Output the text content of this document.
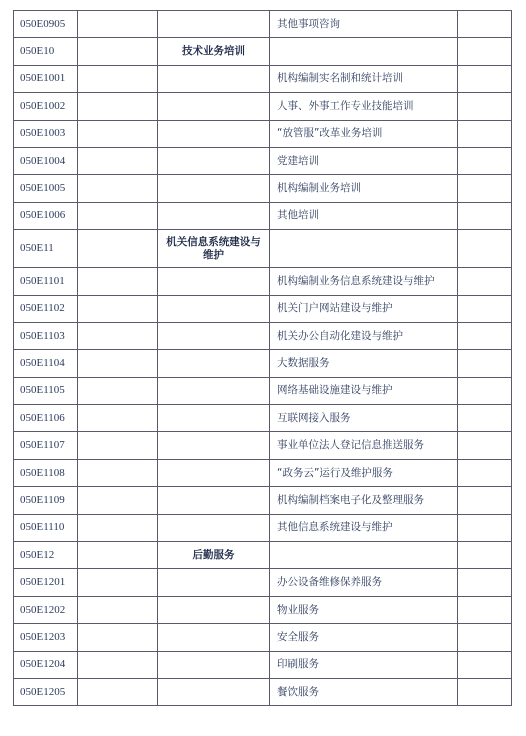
050E0905			其他事项咨询	
050E10		技术业务培训		
050E1001			机构编制实名制和统计培训	
050E1002			人事、外事工作专业技能培训	
050E1003			“放管服”改革业务培训	
050E1004			党建培训	
050E1005			机构编制业务培训	
050E1006			其他培训	
050E11		机关信息系统建设与维护		
050E1101			机构编制业务信息系统建设与维护	
050E1102			机关门户网站建设与维护	
050E1103			机关办公自动化建设与维护	
050E1104			大数据服务	
050E1105			网络基础设施建设与维护	
050E1106			互联网接入服务	
050E1107			事业单位法人登记信息推送服务	
050E1108			“政务云”运行及维护服务	
050E1109			机构编制档案电子化及整理服务	
050E1110			其他信息系统建设与维护	
050E12		后勤服务		
050E1201			办公设备维修保养服务	
050E1202			物业服务	
050E1203			安全服务	
050E1204			印刷服务	
050E1205			餐饮服务	
